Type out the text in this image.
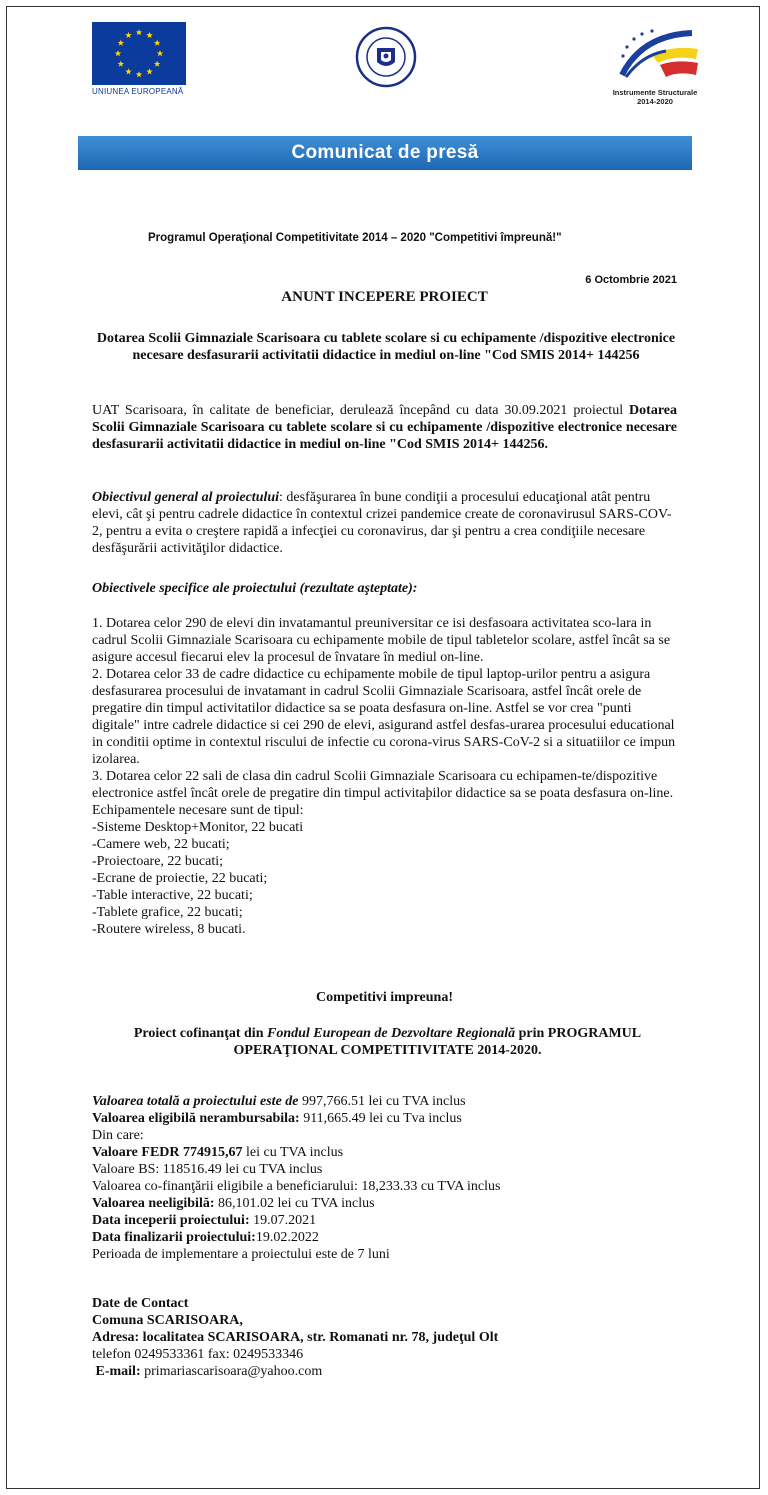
UNIUNEA EUROPEANĂ	Instrumente Structurale
2014-2020
Comunicat de presă
Programul Operaţional Competitivitate 2014 – 2020 "Competitivi împreună!"
6 Octombrie 2021
ANUNT INCEPERE PROIECT
Dotarea Scolii Gimnaziale Scarisoara cu tablete scolare si cu echipamente /dispozitive electronice necesare desfasurarii activitatii didactice in mediul on-line "Cod SMIS 2014+ 144256

UAT Scarisoara, în calitate de beneficiar, derulează începând cu data 30.09.2021 proiectul Dotarea Scolii Gimnaziale Scarisoara cu tablete scolare si cu echipamente /dispozitive electronice necesare desfasurarii activitatii didactice in mediul on-line "Cod SMIS 2014+ 144256.

Obiectivul general al proiectului: desfăşurarea în bune condiţii a procesului educaţional atât pentru elevi, cât şi pentru cadrele didactice în contextul crizei pandemice create de coronavirusul SARS-COV-2, pentru a evita o creştere rapidă a infecţiei cu coronavirus, dar şi pentru a crea condiţiile necesare desfăşurării activităţilor didactice.

Obiectivele specifice ale proiectului (rezultate aşteptate):

1. Dotarea celor 290 de elevi din invatamantul preuniversitar ce isi desfasoara activitatea sco-lara in cadrul Scolii Gimnaziale Scarisoara cu echipamente mobile de tipul tabletelor scolare, astfel încât sa se asigure accesul fiecarui elev la procesul de învatare în mediul on-line.

2. Dotarea celor 33 de cadre didactice cu echipamente mobile de tipul laptop-urilor pentru a asigura desfasurarea procesului de invatamant in cadrul Scolii Gimnaziale Scarisoara, astfel încât orele de pregatire din timpul activitatilor didactice sa se poata desfasura on-line. Astfel se vor crea "punti digitale" intre cadrele didactice si cei 290 de elevi, asigurand astfel desfas-urarea procesului educational in conditii optime in contextul riscului de infectie cu corona-virus SARS-CoV-2 si a situatiilor ce impun izolarea.

3. Dotarea celor 22 sali de clasa din cadrul Scolii Gimnaziale Scarisoara cu echipamen-te/dispozitive electronice astfel încât orele de pregatire din timpul activitaþilor didactice sa se poata desfasura on-line. Echipamentele necesare sunt de tipul:

-Sisteme Desktop+Monitor, 22 bucati

-Camere web, 22 bucati;

-Proiectoare, 22 bucati;

-Ecrane de proiectie, 22 bucati;

-Table interactive, 22 bucati;

-Tablete grafice, 22 bucati;

-Routere wireless, 8 bucati.

Competitivi impreuna!

Proiect cofinanţat din Fondul European de Dezvoltare Regională prin PROGRAMUL OPERAŢIONAL COMPETITIVITATE 2014-2020.

Valoarea totală a proiectului este de 997,766.51 lei cu TVA inclus

Valoarea eligibilă nerambursabila: 911,665.49 lei cu Tva inclus

Din care:

Valoare FEDR 774915,67 lei cu TVA inclus

Valoare BS: 118516.49 lei cu TVA inclus

Valoarea co-finanţării eligibile a beneficiarului: 18,233.33 cu TVA inclus

Valoarea neeligibilă: 86,101.02 lei cu TVA inclus

Data inceperii proiectului: 19.07.2021

Data finalizarii proiectului:19.02.2022

Perioada de implementare a proiectului este de 7 luni

Date de Contact

Comuna SCARISOARA,

Adresa: localitatea SCARISOARA, str. Romanati nr. 78, judeţul Olt

telefon 0249533361 fax: 0249533346

E-mail: primariascarisoara@yahoo.com
